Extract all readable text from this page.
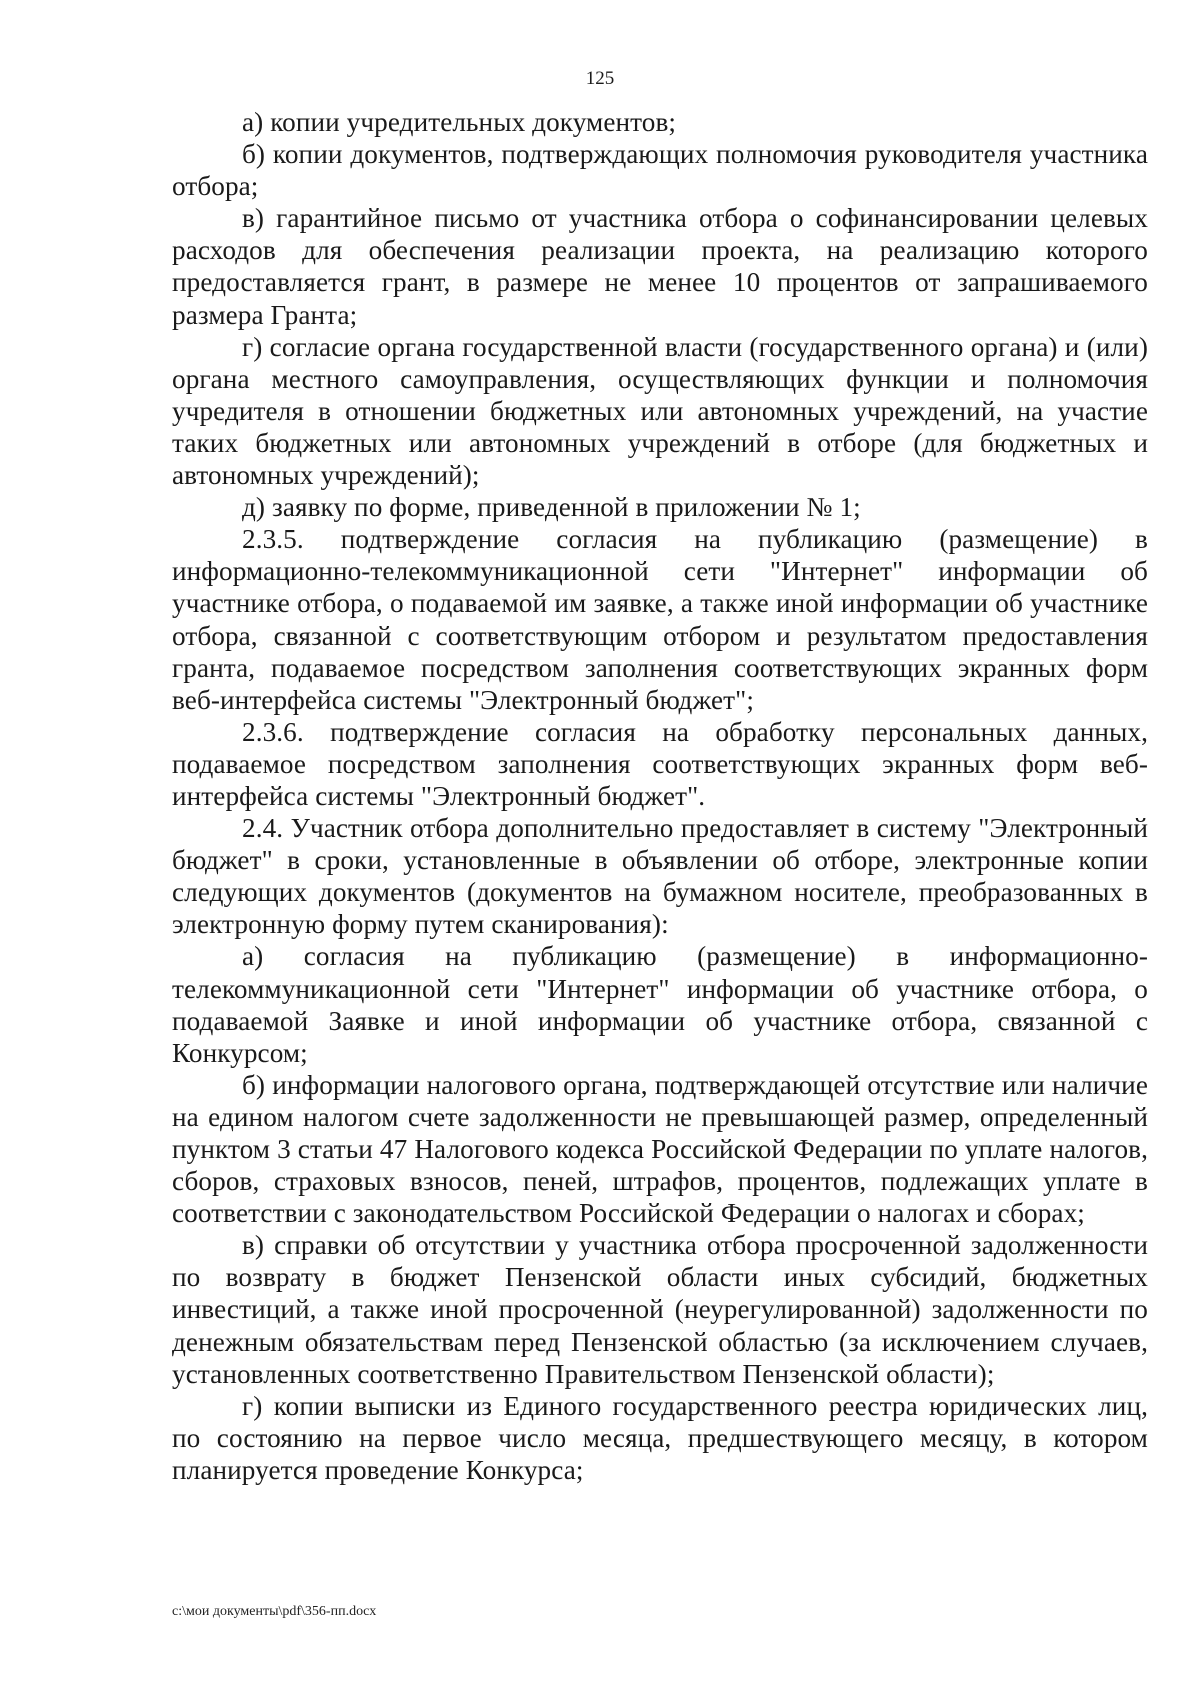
125

а) копии учредительных документов;

б) копии документов, подтверждающих полномочия руководителя участника отбора;

в) гарантийное письмо от участника отбора о софинансировании целевых расходов для обеспечения реализации проекта, на реализацию которого предоставляется грант, в размере не менее 10 процентов от запрашиваемого размера Гранта;

г) согласие органа государственной власти (государственного органа) и (или) органа местного самоуправления, осуществляющих функции и полномочия учредителя в отношении бюджетных или автономных учреждений, на участие таких бюджетных или автономных учреждений в отборе (для бюджетных и автономных учреждений);

д) заявку по форме, приведенной в приложении № 1;

2.3.5. подтверждение согласия на публикацию (размещение) в информационно-телекоммуникационной сети "Интернет" информации об участнике отбора, о подаваемой им заявке, а также иной информации об участнике отбора, связанной с соответствующим отбором и результатом предоставления гранта, подаваемое посредством заполнения соответствующих экранных форм веб-интерфейса системы "Электронный бюджет";

2.3.6. подтверждение согласия на обработку персональных данных, подаваемое посредством заполнения соответствующих экранных форм веб-интерфейса системы "Электронный бюджет".

2.4. Участник отбора дополнительно предоставляет в систему "Электронный бюджет" в сроки, установленные в объявлении об отборе, электронные копии следующих документов (документов на бумажном носителе, преобразованных в электронную форму путем сканирования):

а) согласия на публикацию (размещение) в информационно-телекоммуникационной сети "Интернет" информации об участнике отбора, о подаваемой Заявке и иной информации об участнике отбора, связанной с Конкурсом;

б) информации налогового органа, подтверждающей отсутствие или наличие на едином налогом счете задолженности не превышающей размер, определенный пунктом 3 статьи 47 Налогового кодекса Российской Федерации по уплате налогов, сборов, страховых взносов, пеней, штрафов, процентов, подлежащих уплате в соответствии с законодательством Российской Федерации о налогах и сборах;

в) справки об отсутствии у участника отбора просроченной задолженности по возврату в бюджет Пензенской области иных субсидий, бюджетных инвестиций, а также иной просроченной (неурегулированной) задолженности по денежным обязательствам перед Пензенской областью (за исключением случаев, установленных соответственно Правительством Пензенской области);

г) копии выписки из Единого государственного реестра юридических лиц, по состоянию на первое число месяца, предшествующего месяцу, в котором планируется проведение Конкурса;

c:\мои документы\pdf\356-пп.docx
